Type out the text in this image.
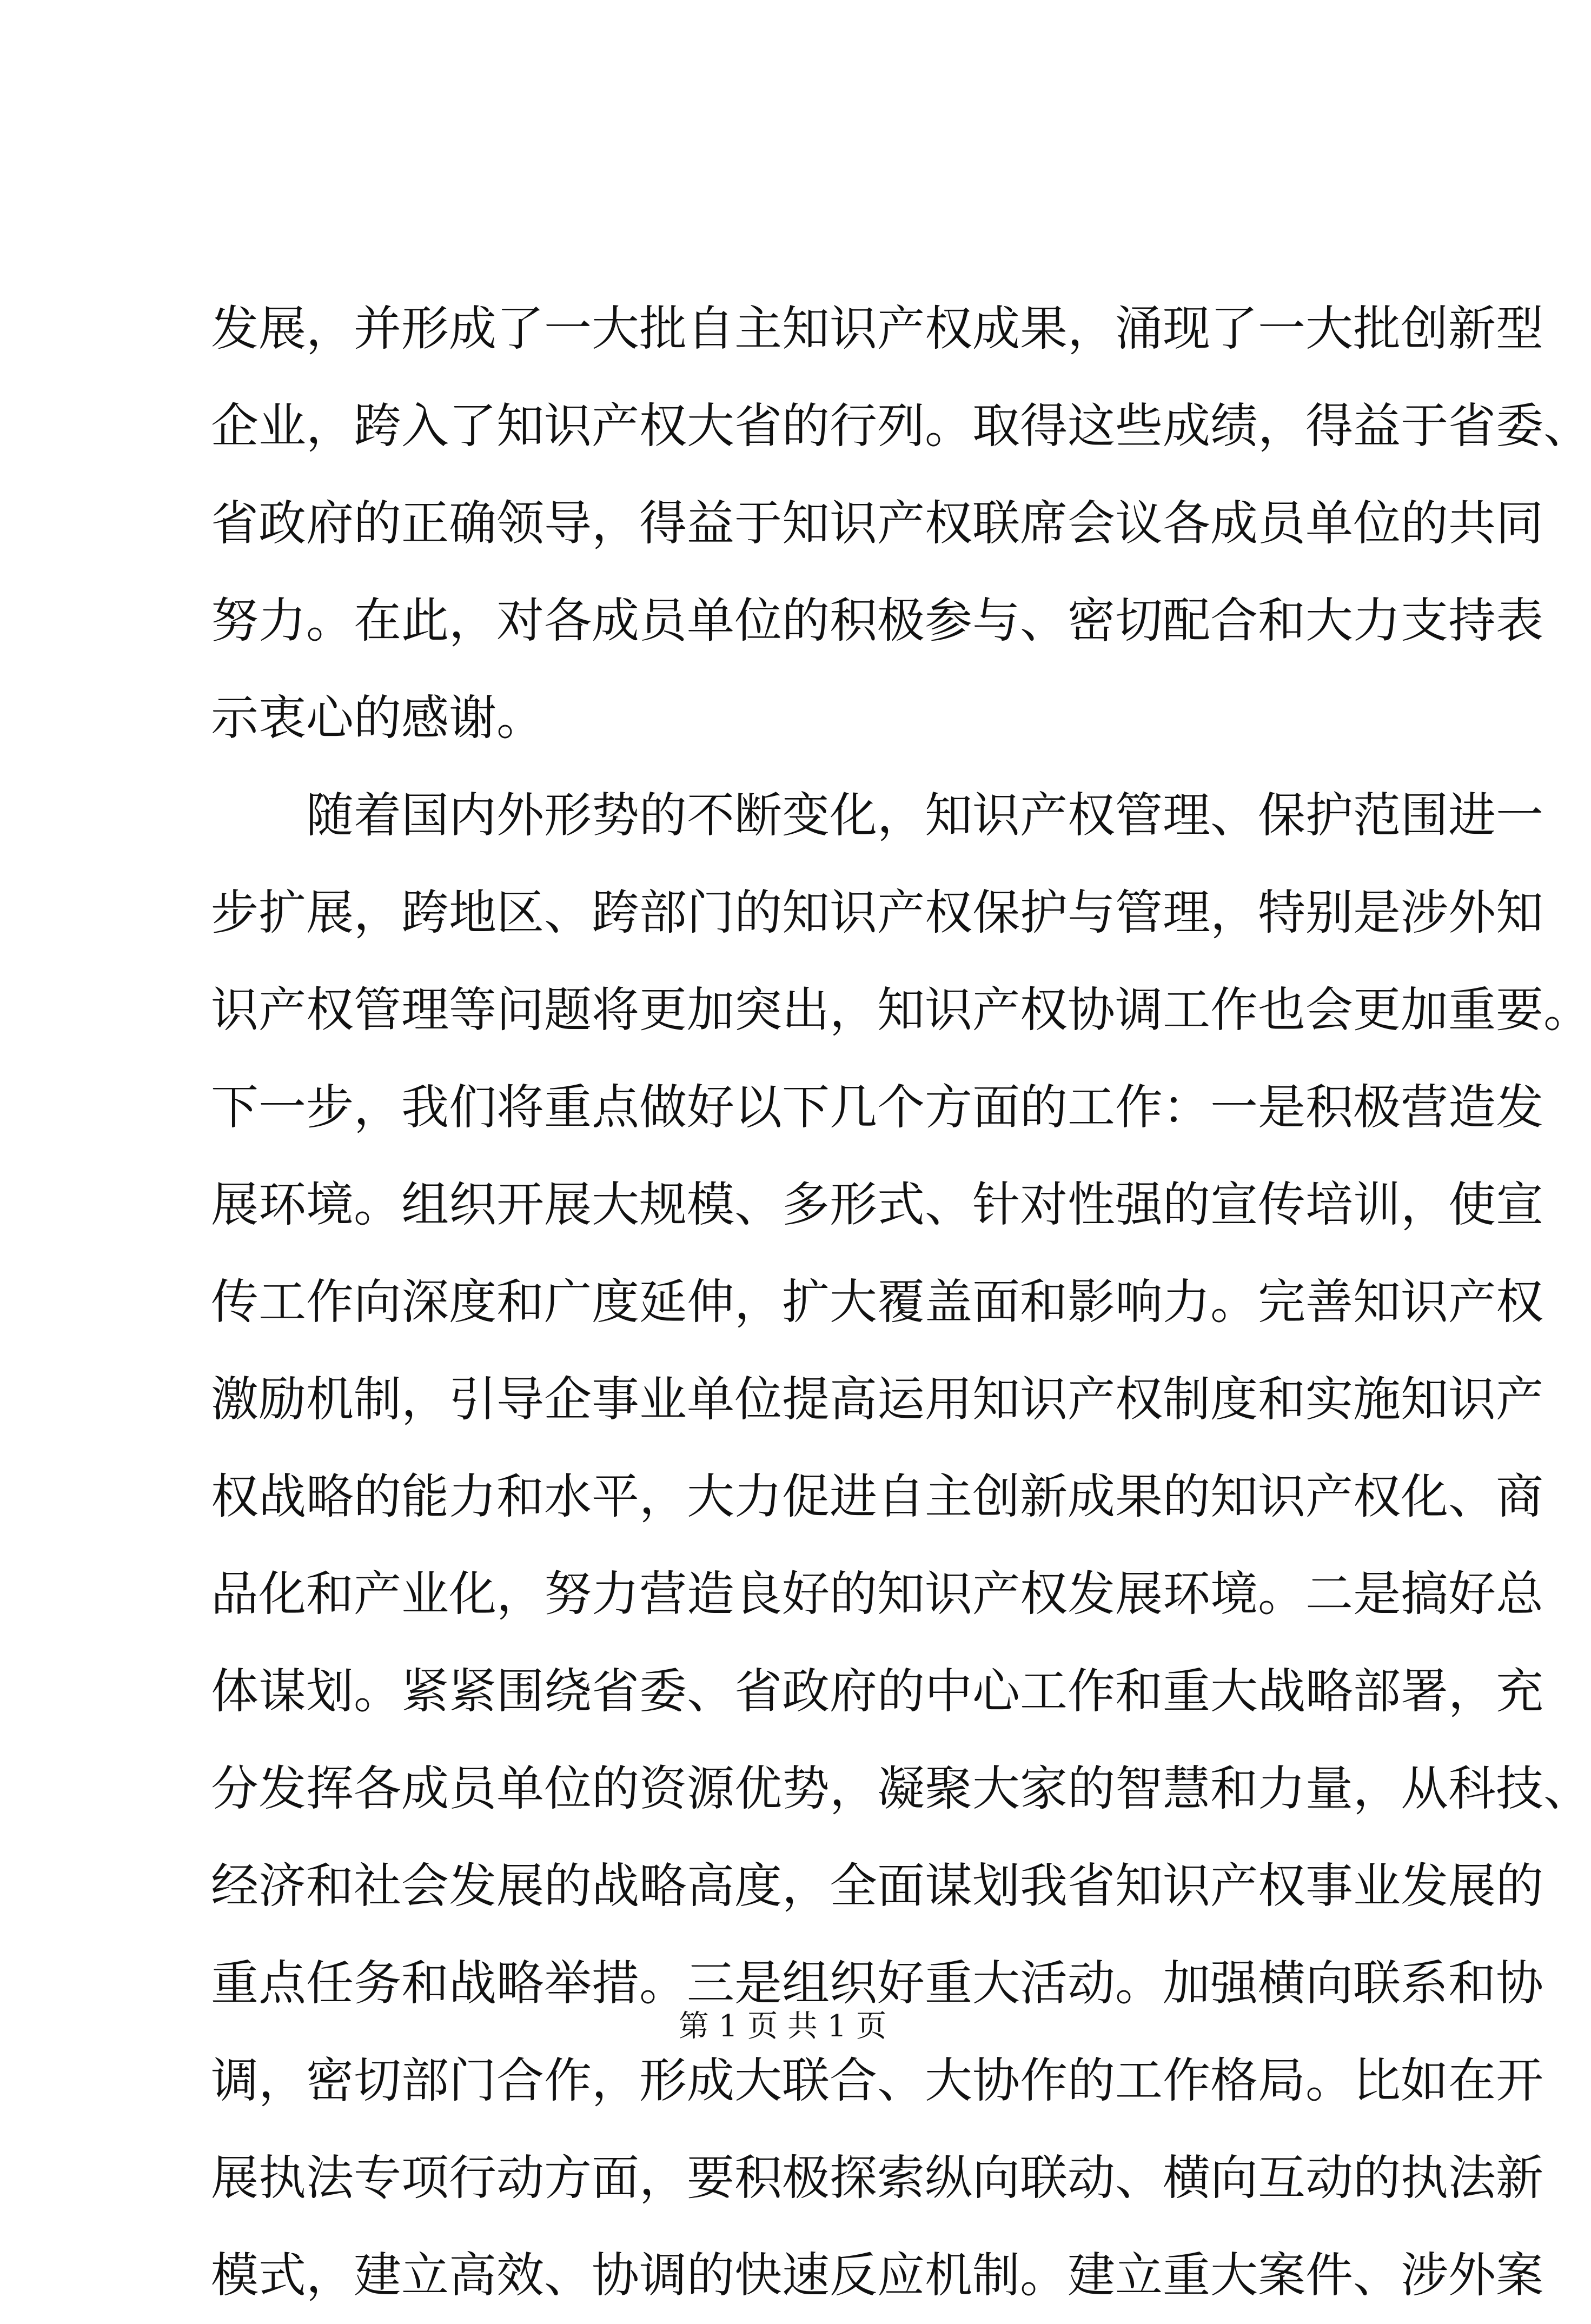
发展，并形成了一大批自主知识产权成果，涌现了一大批创新型
企业，跨入了知识产权大省的行列。取得这些成绩，得益于省委、
省政府的正确领导，得益于知识产权联席会议各成员单位的共同
努力。在此，对各成员单位的积极参与、密切配合和大力支持表
示衷心的感谢。
随着国内外形势的不断变化，知识产权管理、保护范围进一
步扩展，跨地区、跨部门的知识产权保护与管理，特别是涉外知
识产权管理等问题将更加突出，知识产权协调工作也会更加重要。
下一步，我们将重点做好以下几个方面的工作：一是积极营造发
展环境。组织开展大规模、多形式、针对性强的宣传培训，使宣
传工作向深度和广度延伸，扩大覆盖面和影响力。完善知识产权
激励机制，引导企事业单位提高运用知识产权制度和实施知识产
权战略的能力和水平，大力促进自主创新成果的知识产权化、商
品化和产业化，努力营造良好的知识产权发展环境。二是搞好总
体谋划。紧紧围绕省委、省政府的中心工作和重大战略部署，充
分发挥各成员单位的资源优势，凝聚大家的智慧和力量，从科技、
经济和社会发展的战略高度，全面谋划我省知识产权事业发展的
重点任务和战略举措。三是组织好重大活动。加强横向联系和协
调，密切部门合作，形成大联合、大协作的工作格局。比如在开
展执法专项行动方面，要积极探索纵向联动、横向互动的执法新
模式，建立高效、协调的快速反应机制。建立重大案件、涉外案
第 1 页 共 1 页
